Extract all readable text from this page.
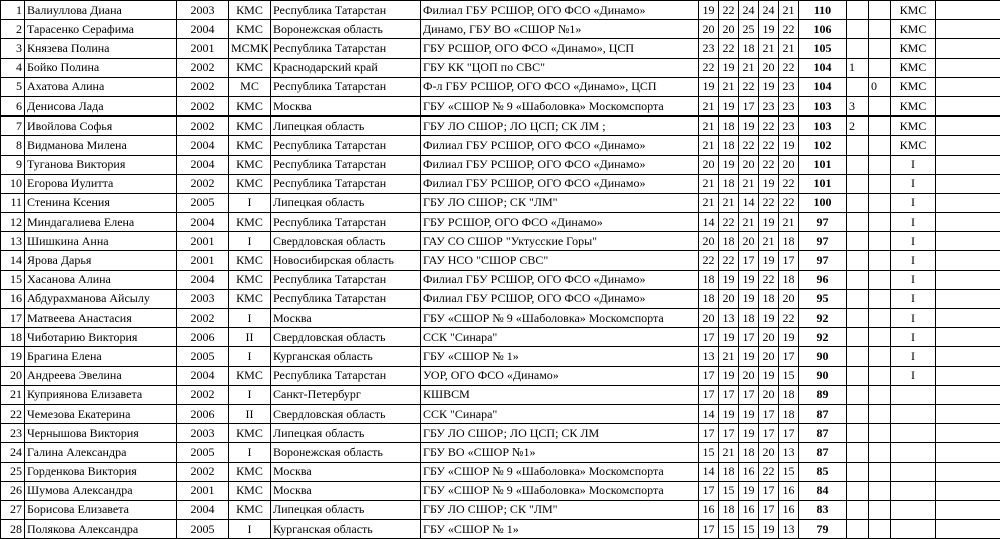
1	Валиуллова Диана	2003	КМС	Республика Татарстан	Филиал ГБУ РСШОР, ОГО ФСО «Динамо»	19	22	24	24	21	110			КМС	
2	Тарасенко Серафима	2004	КМС	Воронежская область	Динамо, ГБУ ВО «СШОР №1»	20	20	25	19	22	106			КМС	
3	Князева Полина	2001	МСМК	Республика Татарстан	ГБУ РСШОР, ОГО ФСО «Динамо», ЦСП	23	22	18	21	21	105			КМС	
4	Бойко Полина	2002	КМС	Краснодарский край	ГБУ КК "ЦОП по СВС"	22	19	21	20	22	104	1		КМС	
5	Ахатова Алина	2002	МС	Республика Татарстан	Ф-л ГБУ РСШОР, ОГО ФСО «Динамо», ЦСП	19	21	22	19	23	104		0	КМС	
6	Денисова Лада	2002	КМС	Москва	ГБУ «СШОР № 9 «Шаболовка» Москомспорта	21	19	17	23	23	103	3		КМС	
7	Ивойлова Софья	2002	КМС	Липецкая область	ГБУ ЛО СШОР; ЛО ЦСП; СК ЛМ ;	21	18	19	22	23	103	2		КМС	
8	Видманова Милена	2004	КМС	Республика Татарстан	Филиал ГБУ РСШОР, ОГО ФСО «Динамо»	21	18	22	22	19	102			КМС	
9	Туганова Виктория	2004	КМС	Республика Татарстан	Филиал ГБУ РСШОР, ОГО ФСО «Динамо»	20	19	20	22	20	101			I	
10	Егорова Иулитта	2002	КМС	Республика Татарстан	Филиал ГБУ РСШОР, ОГО ФСО «Динамо»	21	18	21	19	22	101			I	
11	Стенина Ксения	2005	I	Липецкая область	ГБУ ЛО СШОР; СК "ЛМ"	21	21	14	22	22	100			I	
12	Миндагалиева Елена	2004	КМС	Республика Татарстан	ГБУ РСШОР, ОГО ФСО «Динамо»	14	22	21	19	21	97			I	
13	Шишкина Анна	2001	I	Свердловская область	ГАУ СО СШОР "Уктусские Горы"	20	18	20	21	18	97			I	
14	Ярова Дарья	2001	КМС	Новосибирская область	ГАУ НСО "СШОР СВС"	22	22	17	19	17	97			I	
15	Хасанова Алина	2004	КМС	Республика Татарстан	Филиал ГБУ РСШОР, ОГО ФСО «Динамо»	18	19	19	22	18	96			I	
16	Абдурахманова Айсылу	2003	КМС	Республика Татарстан	Филиал ГБУ РСШОР, ОГО ФСО «Динамо»	18	20	19	18	20	95			I	
17	Матвеева Анастасия	2002	I	Москва	ГБУ «СШОР № 9 «Шаболовка» Москомспорта	20	13	18	19	22	92			I	
18	Чиботарию Виктория	2006	II	Свердловская область	ССК "Синара"	17	19	17	20	19	92			I	
19	Брагина Елена	2005	I	Курганская область	ГБУ «СШОР № 1»	13	21	19	20	17	90			I	
20	Андреева Эвелина	2004	КМС	Республика Татарстан	УОР, ОГО ФСО «Динамо»	17	19	20	19	15	90			I	
21	Куприянова Елизавета	2002	I	Санкт-Петербург	КШВСМ	17	17	17	20	18	89				
22	Чемезова Екатерина	2006	II	Свердловская область	ССК "Синара"	14	19	19	17	18	87				
23	Чернышова Виктория	2003	КМС	Липецкая область	ГБУ ЛО СШОР; ЛО ЦСП; СК ЛМ	17	17	19	17	17	87				
24	Галина Александра	2005	I	Воронежская область	ГБУ ВО «СШОР №1»	15	21	18	20	13	87				
25	Горденкова Виктория	2002	КМС	Москва	ГБУ «СШОР № 9 «Шаболовка» Москомспорта	14	18	16	22	15	85				
26	Шумова Александра	2001	КМС	Москва	ГБУ «СШОР № 9 «Шаболовка» Москомспорта	17	15	19	17	16	84				
27	Борисова Елизавета	2004	КМС	Липецкая область	ГБУ ЛО СШОР; СК "ЛМ"	16	18	16	17	16	83				
28	Полякова Александра	2005	I	Курганская область	ГБУ «СШОР № 1»	17	15	15	19	13	79				
